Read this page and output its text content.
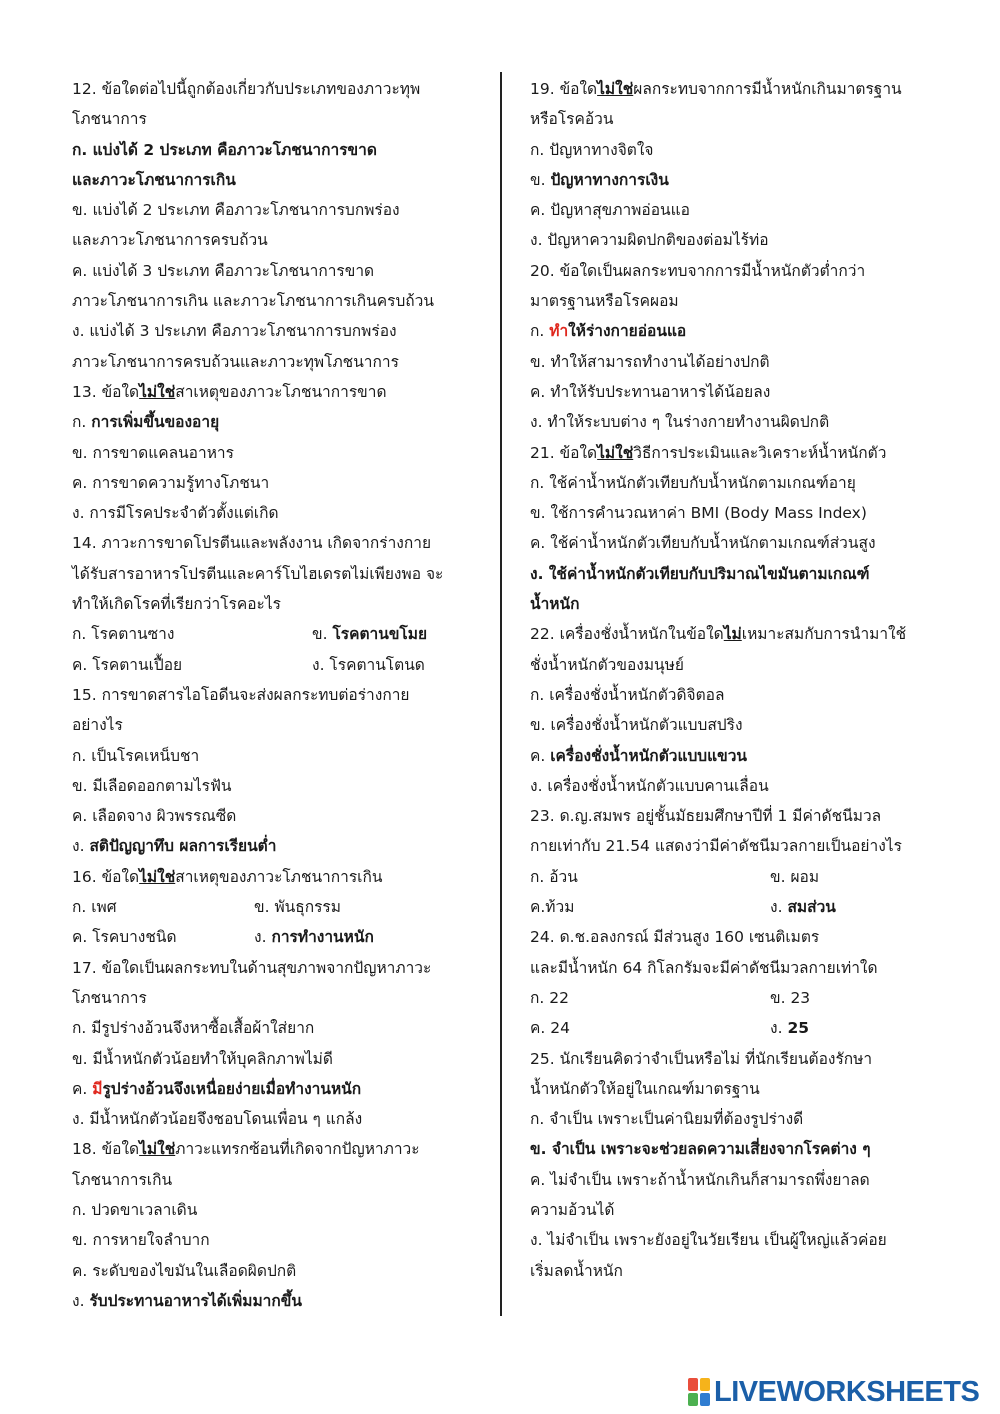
12. ข้อใดต่อไปนี้ถูกต้องเกี่ยวกับประเภทของภาวะทุพ
โภชนาการ
ก. แบ่งได้ 2 ประเภท คือภาวะโภชนาการขาด
และภาวะโภชนาการเกิน
ข. แบ่งได้ 2 ประเภท คือภาวะโภชนาการบกพร่อง
และภาวะโภชนาการครบถ้วน
ค. แบ่งได้ 3 ประเภท คือภาวะโภชนาการขาด
ภาวะโภชนาการเกิน และภาวะโภชนาการเกินครบถ้วน
ง. แบ่งได้ 3 ประเภท คือภาวะโภชนาการบกพร่อง
ภาวะโภชนาการครบถ้วนและภาวะทุพโภชนาการ
13. ข้อใดไม่ใช่สาเหตุของภาวะโภชนาการขาด
ก. การเพิ่มขึ้นของอายุ
ข. การขาดแคลนอาหาร
ค. การขาดความรู้ทางโภชนา
ง. การมีโรคประจำตัวตั้งแต่เกิด
14. ภาวะการขาดโปรตีนและพลังงาน เกิดจากร่างกาย
ได้รับสารอาหารโปรตีนและคาร์โบไฮเดรตไม่เพียงพอ จะ
ทำให้เกิดโรคที่เรียกว่าโรคอะไร
ก. โรคตานซาง	ข. โรคตานขโมย
ค. โรคตานเปื้อย	ง. โรคตานโตนด
15. การขาดสารไอโอดีนจะส่งผลกระทบต่อร่างกาย
อย่างไร
ก. เป็นโรคเหน็บชา
ข. มีเลือดออกตามไรฟัน
ค. เลือดจาง ผิวพรรณซีด
ง. สติปัญญาทึบ ผลการเรียนต่ำ
16. ข้อใดไม่ใช่สาเหตุของภาวะโภชนาการเกิน
ก. เพศ	ข. พันธุกรรม
ค. โรคบางชนิด	ง. การทำงานหนัก
17. ข้อใดเป็นผลกระทบในด้านสุขภาพจากปัญหาภาวะ
โภชนาการ
ก. มีรูปร่างอ้วนจึงหาซื้อเสื้อผ้าใส่ยาก
ข. มีน้ำหนักตัวน้อยทำให้บุคลิกภาพไม่ดี
ค. มีรูปร่างอ้วนจึงเหนื่อยง่ายเมื่อทำงานหนัก
ง. มีน้ำหนักตัวน้อยจึงชอบโดนเพื่อน ๆ แกล้ง
18. ข้อใดไม่ใช่ภาวะแทรกซ้อนที่เกิดจากปัญหาภาวะ
โภชนาการเกิน
ก. ปวดขาเวลาเดิน
ข. การหายใจลำบาก
ค. ระดับของไขมันในเลือดผิดปกติ
ง. รับประทานอาหารได้เพิ่มมากขึ้น
19. ข้อใดไม่ใช่ผลกระทบจากการมีน้ำหนักเกินมาตรฐาน
หรือโรคอ้วน
ก. ปัญหาทางจิตใจ
ข. ปัญหาทางการเงิน
ค. ปัญหาสุขภาพอ่อนแอ
ง. ปัญหาความผิดปกติของต่อมไร้ท่อ
20. ข้อใดเป็นผลกระทบจากการมีน้ำหนักตัวต่ำกว่า
มาตรฐานหรือโรคผอม
ก. ทำให้ร่างกายอ่อนแอ
ข. ทำให้สามารถทำงานได้อย่างปกติ
ค. ทำให้รับประทานอาหารได้น้อยลง
ง. ทำให้ระบบต่าง ๆ ในร่างกายทำงานผิดปกติ
21. ข้อใดไม่ใช่วิธีการประเมินและวิเคราะห์น้ำหนักตัว
ก. ใช้ค่าน้ำหนักตัวเทียบกับน้ำหนักตามเกณฑ์อายุ
ข. ใช้การคำนวณหาค่า BMI (Body Mass Index)
ค. ใช้ค่าน้ำหนักตัวเทียบกับน้ำหนักตามเกณฑ์ส่วนสูง
ง. ใช้ค่าน้ำหนักตัวเทียบกับปริมาณไขมันตามเกณฑ์
น้ำหนัก
22. เครื่องชั่งน้ำหนักในข้อใดไม่เหมาะสมกับการนำมาใช้
ชั่งน้ำหนักตัวของมนุษย์
ก. เครื่องชั่งน้ำหนักตัวดิจิตอล
ข. เครื่องชั่งน้ำหนักตัวแบบสปริง
ค. เครื่องชั่งน้ำหนักตัวแบบแขวน
ง. เครื่องชั่งน้ำหนักตัวแบบคานเลื่อน
23. ด.ญ.สมพร อยู่ชั้นมัธยมศึกษาปีที่ 1 มีค่าดัชนีมวล
กายเท่ากับ 21.54 แสดงว่ามีค่าดัชนีมวลกายเป็นอย่างไร
ก. อ้วน	ข. ผอม
ค.ท้วม	ง. สมส่วน
24. ด.ช.อลงกรณ์ มีส่วนสูง 160 เซนติเมตร
และมีน้ำหนัก 64 กิโลกรัมจะมีค่าดัชนีมวลกายเท่าใด
ก. 22	ข. 23
ค. 24	ง. 25
25. นักเรียนคิดว่าจำเป็นหรือไม่ ที่นักเรียนต้องรักษา
น้ำหนักตัวให้อยู่ในเกณฑ์มาตรฐาน
ก. จำเป็น เพราะเป็นค่านิยมที่ต้องรูปร่างดี
ข. จำเป็น เพราะจะช่วยลดความเสี่ยงจากโรคต่าง ๆ
ค. ไม่จำเป็น เพราะถ้าน้ำหนักเกินก็สามารถพึ่งยาลด
ความอ้วนได้
ง. ไม่จำเป็น เพราะยังอยู่ในวัยเรียน เป็นผู้ใหญ่แล้วค่อย
เริ่มลดน้ำหนัก
LIVEWORKSHEETS
